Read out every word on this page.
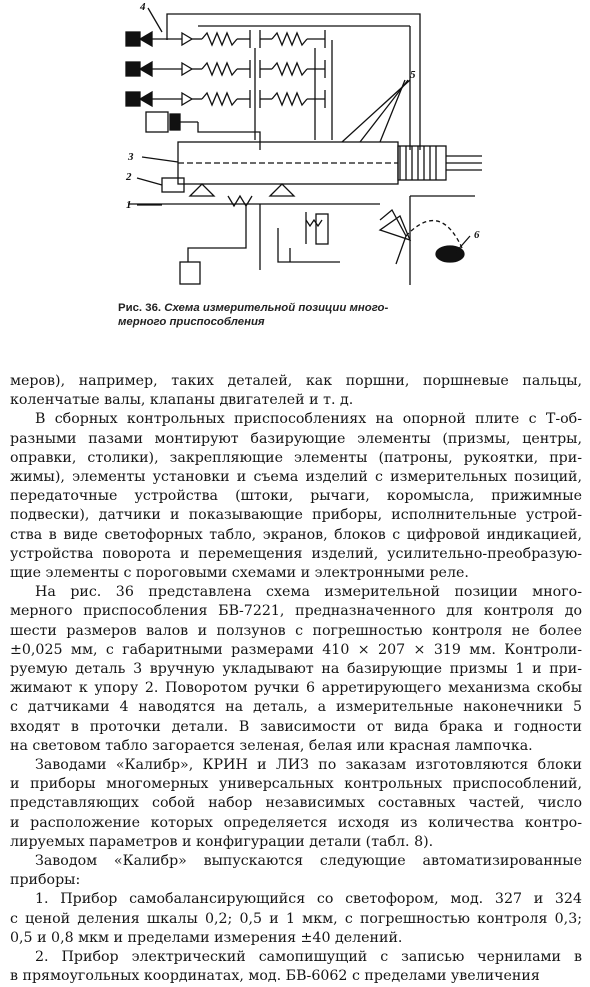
1
2
3
4
5
6

Рис. 36. Схема измерительной позиции много-
мерного приспособления

меров), например, таких деталей, как поршни, поршневые пальцы,
коленчатые валы, клапаны двигателей и т. д.

В сборных контрольных приспособлениях на опорной плите с Т-об-
разными пазами монтируют базирующие элементы (призмы, центры,
оправки, столики), закрепляющие элементы (патроны, рукоятки, при-
жимы), элементы установки и съема изделий с измерительных позиций,
передаточные устройства (штоки, рычаги, коромысла, прижимные
подвески), датчики и показывающие приборы, исполнительные устрой-
ства в виде светофорных табло, экранов, блоков с цифровой индикацией,
устройства поворота и перемещения изделий, усилительно-преобразую-
щие элементы с пороговыми схемами и электронными реле.

На рис. 36 представлена схема измерительной позиции много-
мерного приспособления БВ-7221, предназначенного для контроля до
шести размеров валов и ползунов с погрешностью контроля не более
±0,025 мм, с габаритными размерами 410 × 207 × 319 мм. Контроли-
руемую деталь 3 вручную укладывают на базирующие призмы 1 и при-
жимают к упору 2. Поворотом ручки 6 арретирующего механизма скобы
с датчиками 4 наводятся на деталь, а измерительные наконечники 5
входят в проточки детали. В зависимости от вида брака и годности
на световом табло загорается зеленая, белая или красная лампочка.

Заводами «Калибр», КРИН и ЛИЗ по заказам изготовляются блоки
и приборы многомерных универсальных контрольных приспособлений,
представляющих собой набор независимых составных частей, число
и расположение которых определяется исходя из количества контро-
лируемых параметров и конфигурации детали (табл. 8).

Заводом «Калибр» выпускаются следующие автоматизированные
приборы:

1. Прибор самобалансирующийся со светофором, мод. 327 и 324
с ценой деления шкалы 0,2; 0,5 и 1 мкм, с погрешностью контроля 0,3;
0,5 и 0,8 мкм и пределами измерения ±40 делений.

2. Прибор электрический самопишущий с записью чернилами в
в прямоугольных координатах, мод. БВ-6062 с пределами увеличения
